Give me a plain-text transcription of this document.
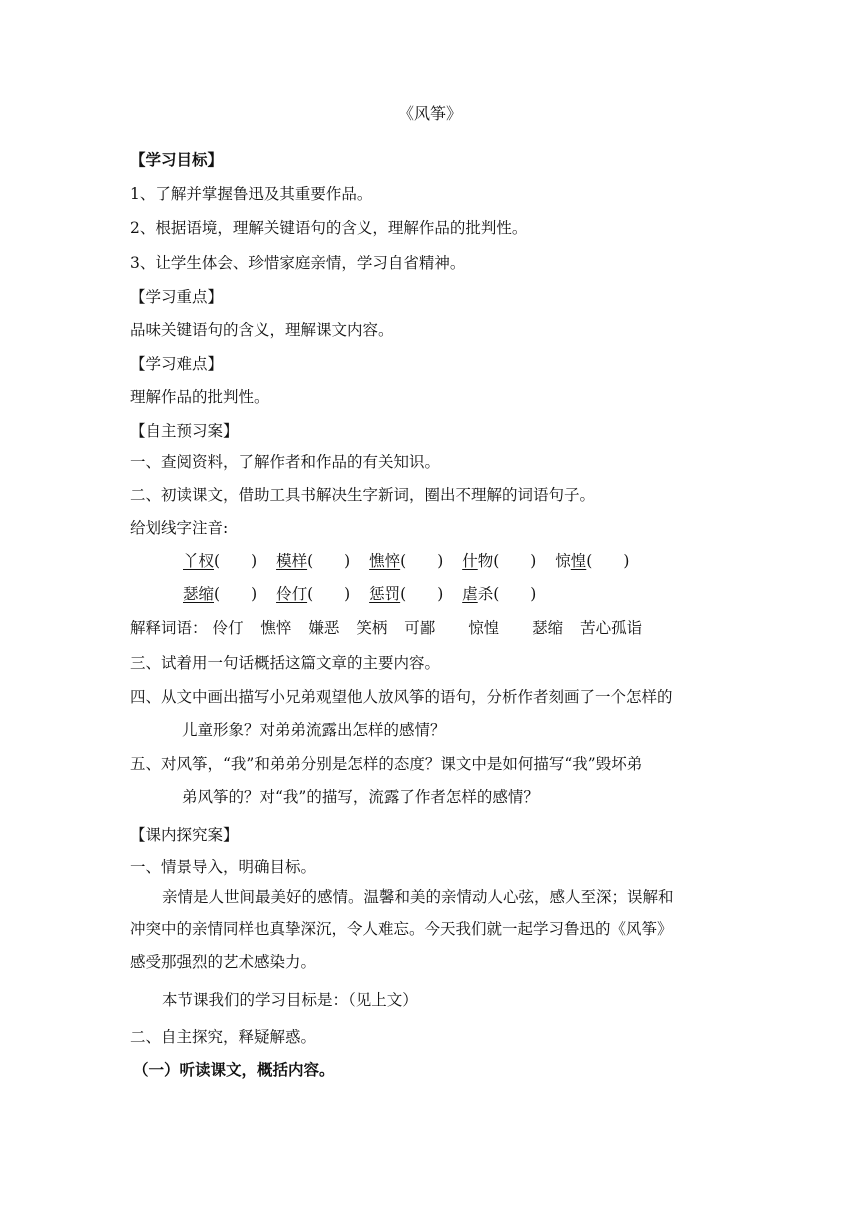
《风筝》
【学习目标】
1、了解并掌握鲁迅及其重要作品。
2、根据语境，理解关键语句的含义，理解作品的批判性。
3、让学生体会、珍惜家庭亲情，学习自省精神。
【学习重点】
品味关键语句的含义，理解课文内容。
【学习难点】
理解作品的批判性。
【自主预习案】
一、查阅资料，了解作者和作品的有关知识。
二、初读课文，借助工具书解决生字新词，圈出不理解的词语句子。
给划线字注音:
丫杈(　　) 模样(　　) 憔悴(　　) 什物(　　) 惊惶(　　)
瑟缩(　　) 伶仃(　　) 惩罚(　　) 虐杀(　　)
解释词语： 伶仃 憔悴 嫌恶 笑柄 可鄙 惊惶 瑟缩 苦心孤诣
三、试着用一句话概括这篇文章的主要内容。
四、从文中画出描写小兄弟观望他人放风筝的语句，分析作者刻画了一个怎样的
儿童形象？对弟弟流露出怎样的感情？
五、对风筝，“我”和弟弟分别是怎样的态度？课文中是如何描写“我”毁坏弟
弟风筝的？对“我”的描写，流露了作者怎样的感情？
【课内探究案】
一、情景导入，明确目标。
亲情是人世间最美好的感情。温馨和美的亲情动人心弦，感人至深；误解和
冲突中的亲情同样也真挚深沉，令人难忘。今天我们就一起学习鲁迅的《风筝》
感受那强烈的艺术感染力。
本节课我们的学习目标是：（见上文）
二、自主探究，释疑解惑。
（一）听读课文，概括内容。
